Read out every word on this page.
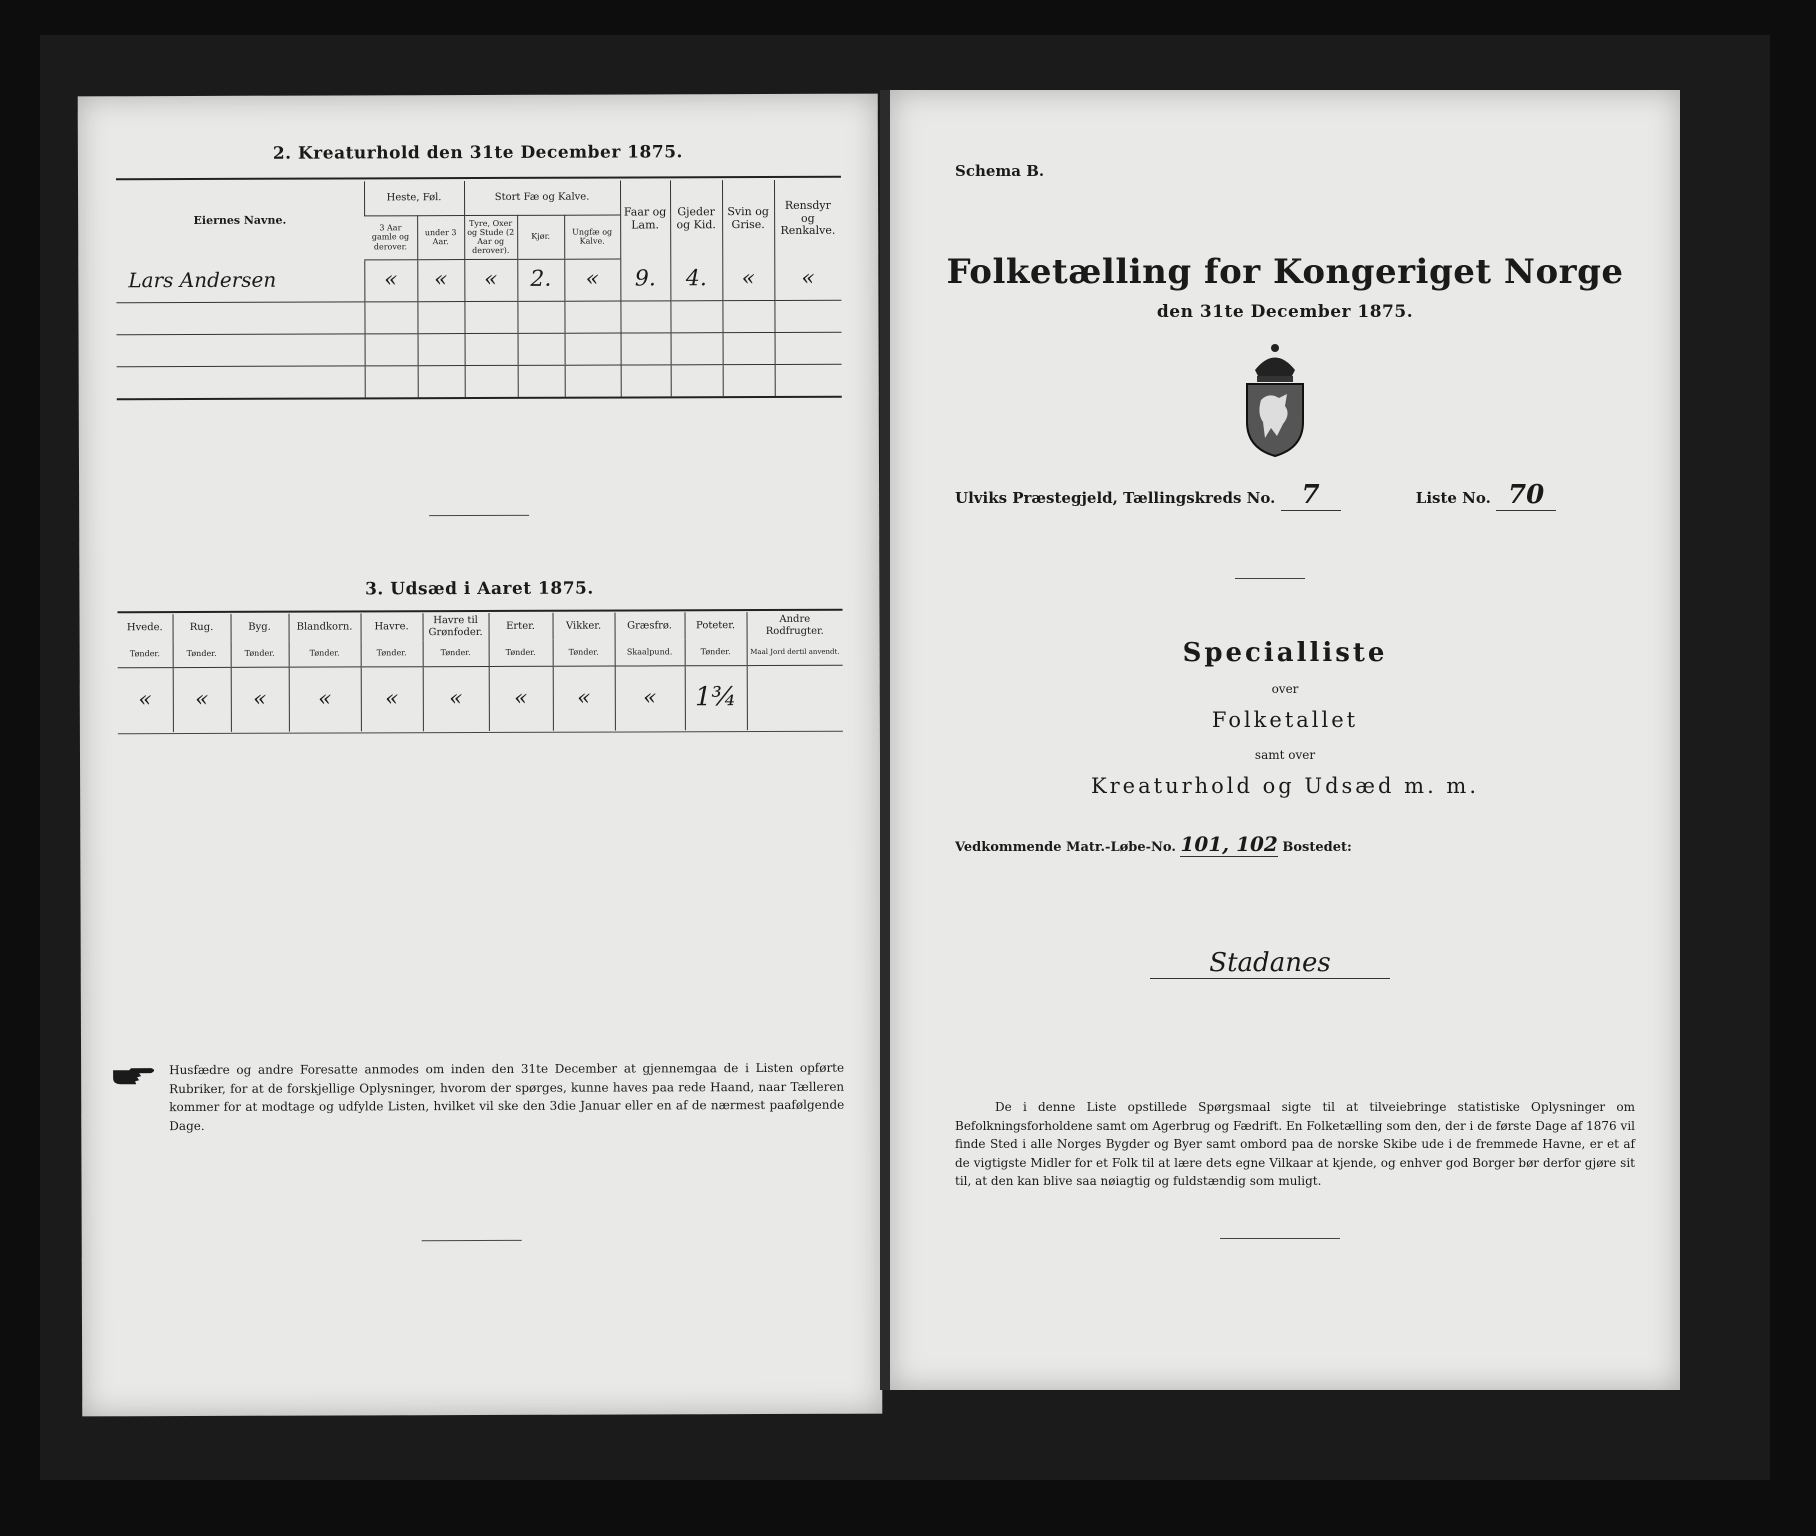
2. Kreaturhold den 31te December 1875.
Eiernes Navne.	Heste, Føl.		Stort Fæ og Kalve.			Faar og Lam.	Gjeder og Kid.	Svin og Grise.	Rensdyr og Renkalve.
	3 Aar gamle og derover.	under 3 Aar.	Tyre, Oxer og Stude (2 Aar og derover).	Kjør.	Ungfæ og Kalve.				
Lars Andersen	«	«	«	2.	«	9.	4.	«	«

3. Udsæd i Aaret 1875.
Hvede.	Rug.	Byg.	Blandkorn.	Havre.	Havre til Grønfoder.	Erter.	Vikker.	Græsfrø.	Poteter.	Andre Rodfrugter.
Tønder.	Tønder.	Tønder.	Tønder.	Tønder.	Tønder.	Tønder.	Tønder.	Skaalpund.	Tønder.	Maal Jord dertil anvendt.
«	«	«	«	«	«	«	«	«	1¾	
Husfædre og andre Foresatte anmodes om inden den 31te December at gjennemgaa de i Listen opførte Rubriker, for at de forskjellige Oplysninger, hvorom der spørges, kunne haves paa rede Haand, naar Tælleren kommer for at modtage og udfylde Listen, hvilket vil ske den 3die Januar eller en af de nærmest paafølgende Dage.
Schema B.
Folketælling for Kongeriget Norge
den 31te December 1875.
Ulviks Præstegjeld, Tællingskreds No. 7	Liste No. 70
Specialliste
over
Folketallet
samt over
Kreaturhold og Udsæd m. m.
Vedkommende Matr.-Løbe-No. 101, 102 Bostedet:
Stadanes
De i denne Liste opstillede Spørgsmaal sigte til at tilveiebringe statistiske Oplysninger om Befolkningsforholdene samt om Agerbrug og Fædrift. En Folketælling som den, der i de første Dage af 1876 vil finde Sted i alle Norges Bygder og Byer samt ombord paa de norske Skibe ude i de fremmede Havne, er et af de vigtigste Midler for et Folk til at lære dets egne Vilkaar at kjende, og enhver god Borger bør derfor gjøre sit til, at den kan blive saa nøiagtig og fuldstændig som muligt.
